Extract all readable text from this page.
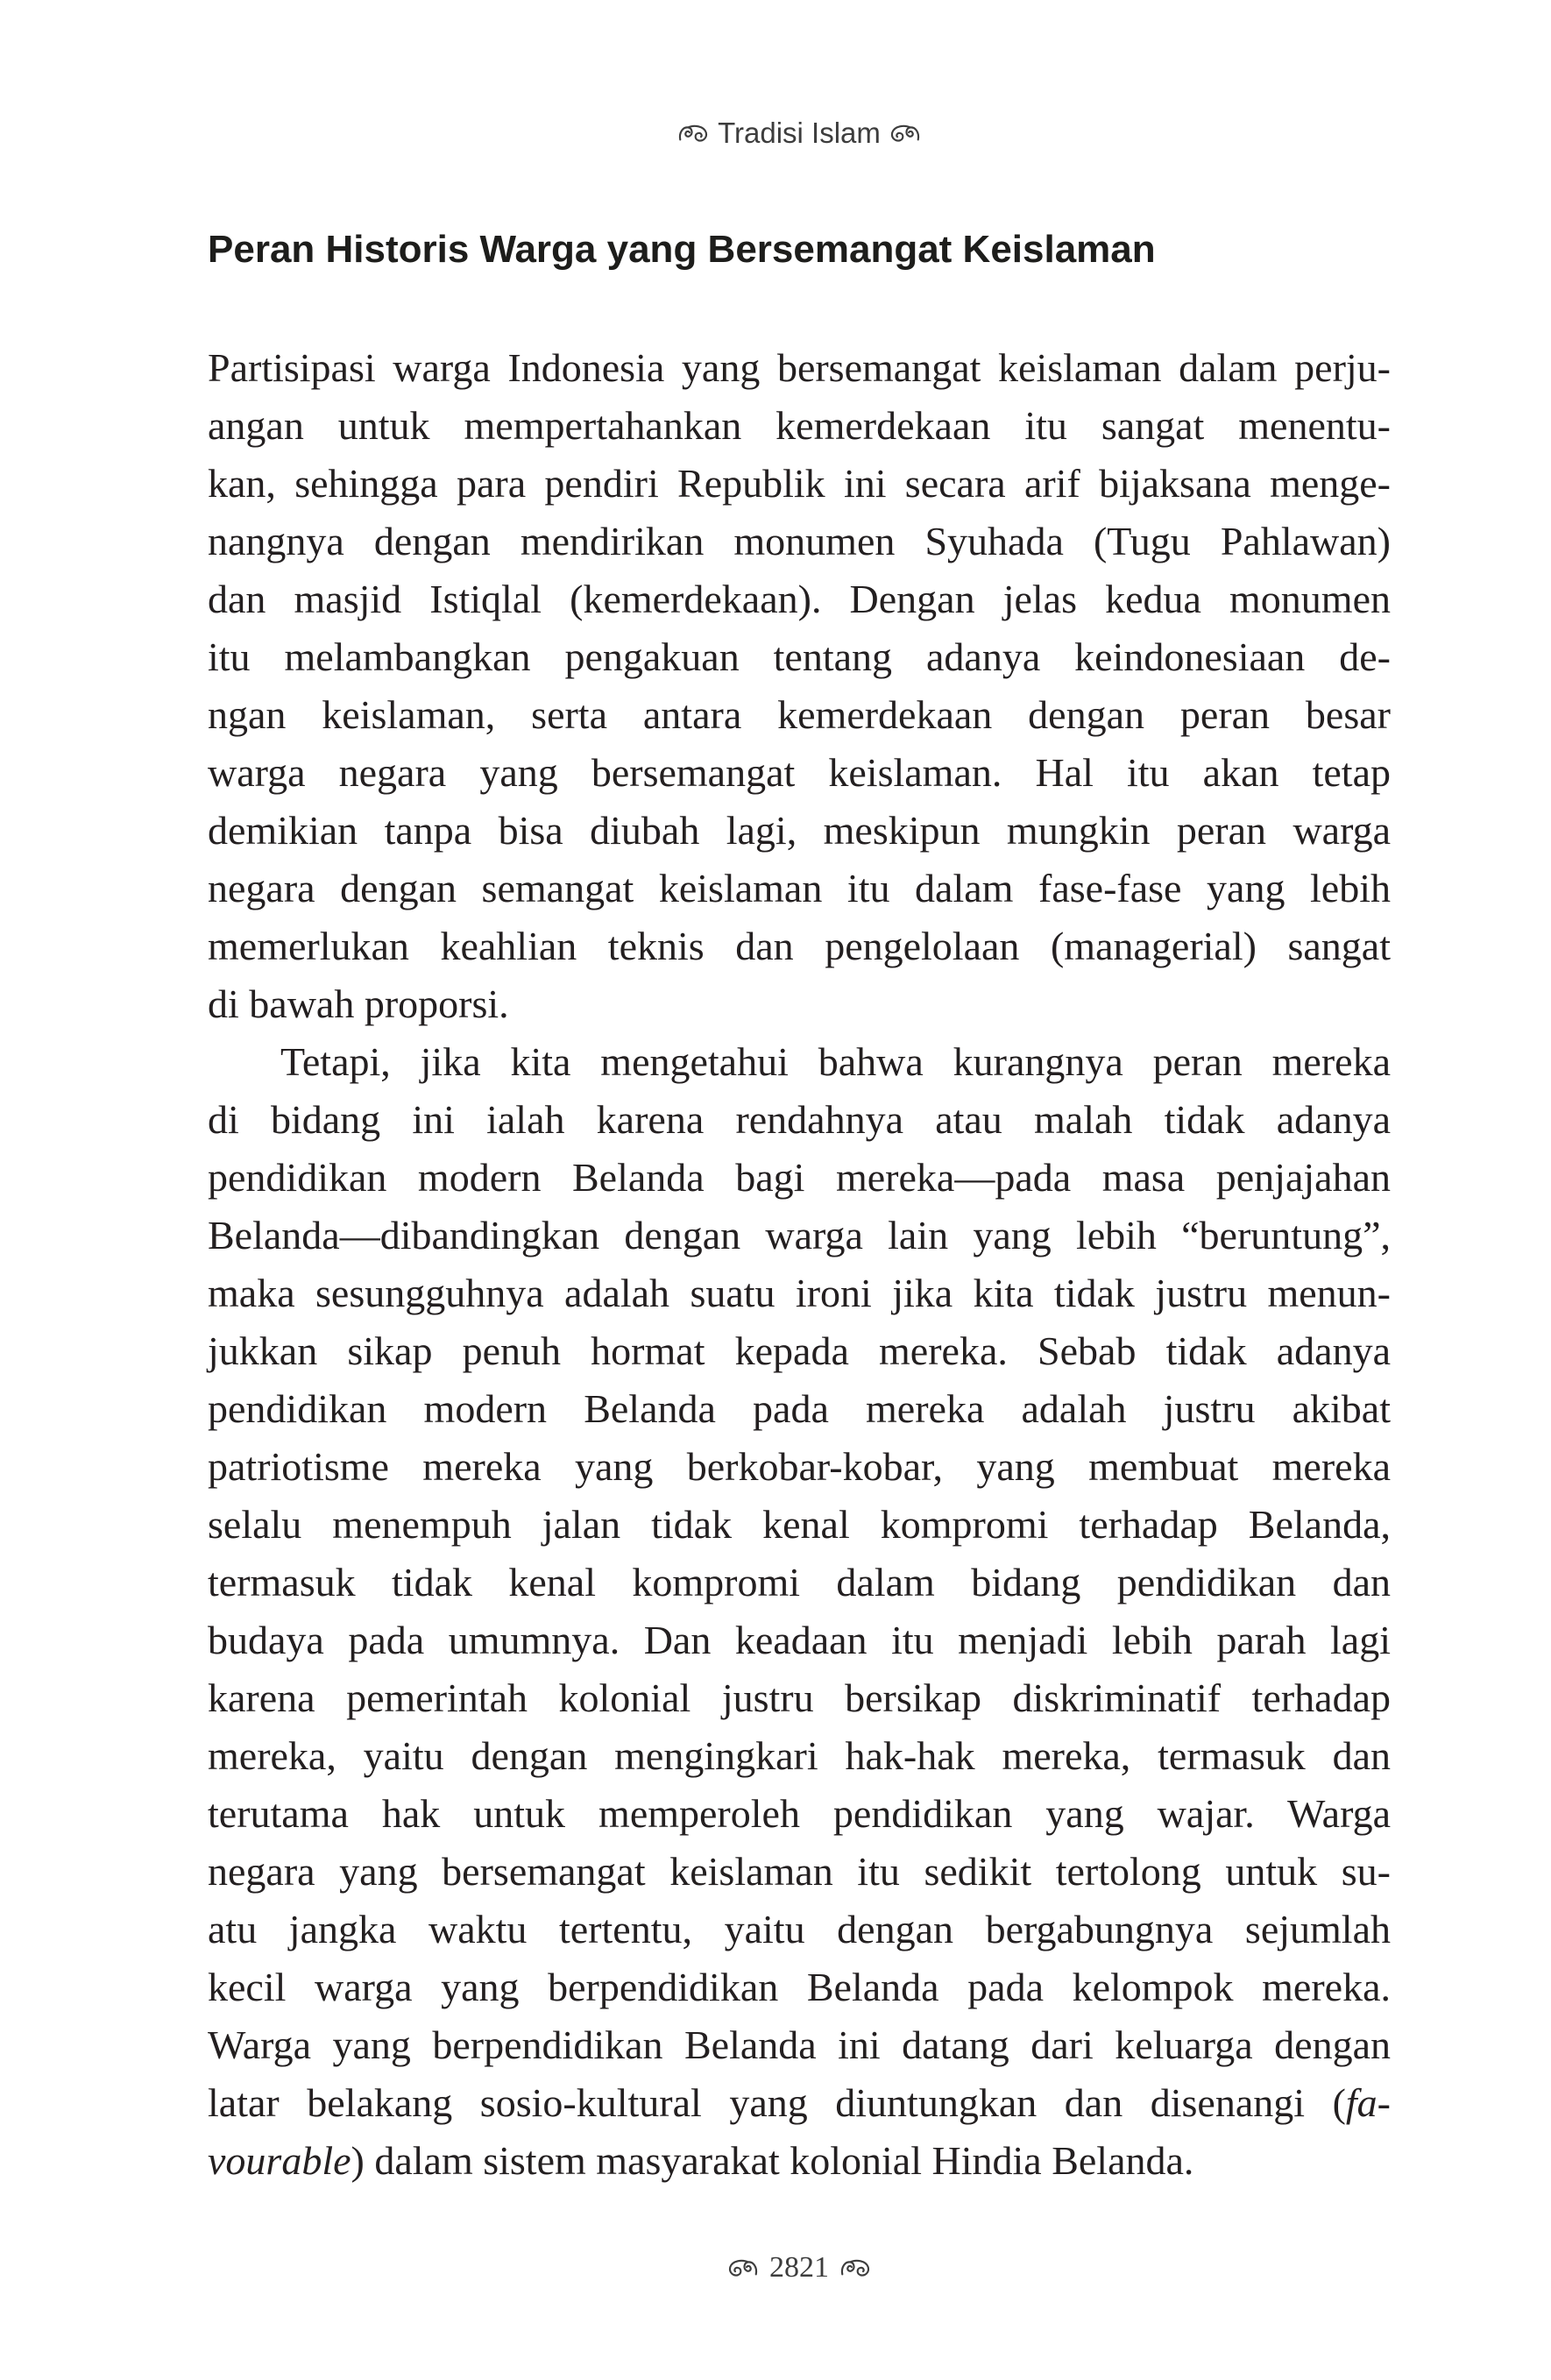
Tradisi Islam
Peran Historis Warga yang Bersemangat Keislaman
Partisipasi warga Indonesia yang bersemangat keislaman dalam perju-
angan untuk mempertahankan kemerdekaan itu sangat menentu-
kan, sehingga para pendiri Republik ini secara arif bijaksana menge-
nangnya dengan mendirikan monumen Syuhada (Tugu Pahlawan)
dan masjid Istiqlal (kemerdekaan). Dengan jelas kedua monumen
itu melambangkan pengakuan tentang adanya keindonesiaan de-
ngan keislaman, serta antara kemerdekaan dengan peran besar
warga negara yang bersemangat keislaman. Hal itu akan tetap
demikian tanpa bisa diubah lagi, meskipun mungkin peran warga
negara dengan semangat keislaman itu dalam fase-fase yang lebih
memerlukan keahlian teknis dan pengelolaan (managerial) sangat
di bawah proporsi.
Tetapi, jika kita mengetahui bahwa kurangnya peran mereka
di bidang ini ialah karena rendahnya atau malah tidak adanya
pendidikan modern Belanda bagi mereka—pada masa penjajahan
Belanda—dibandingkan dengan warga lain yang lebih “beruntung”,
maka sesungguhnya adalah suatu ironi jika kita tidak justru menun-
jukkan sikap penuh hormat kepada mereka. Sebab tidak adanya
pendidikan modern Belanda pada mereka adalah justru akibat
patriotisme mereka yang berkobar-kobar, yang membuat mereka
selalu menempuh jalan tidak kenal kompromi terhadap Belanda,
termasuk tidak kenal kompromi dalam bidang pendidikan dan
budaya pada umumnya. Dan keadaan itu menjadi lebih parah lagi
karena pemerintah kolonial justru bersikap diskriminatif terhadap
mereka, yaitu dengan mengingkari hak-hak mereka, termasuk dan
terutama hak untuk memperoleh pendidikan yang wajar. Warga
negara yang bersemangat keislaman itu sedikit tertolong untuk su-
atu jangka waktu tertentu, yaitu dengan bergabungnya sejumlah
kecil warga yang berpendidikan Belanda pada kelompok mereka.
Warga yang berpendidikan Belanda ini datang dari keluarga dengan
latar belakang sosio-kultural yang diuntungkan dan disenangi (fa-
vourable) dalam sistem masyarakat kolonial Hindia Belanda.
2821
